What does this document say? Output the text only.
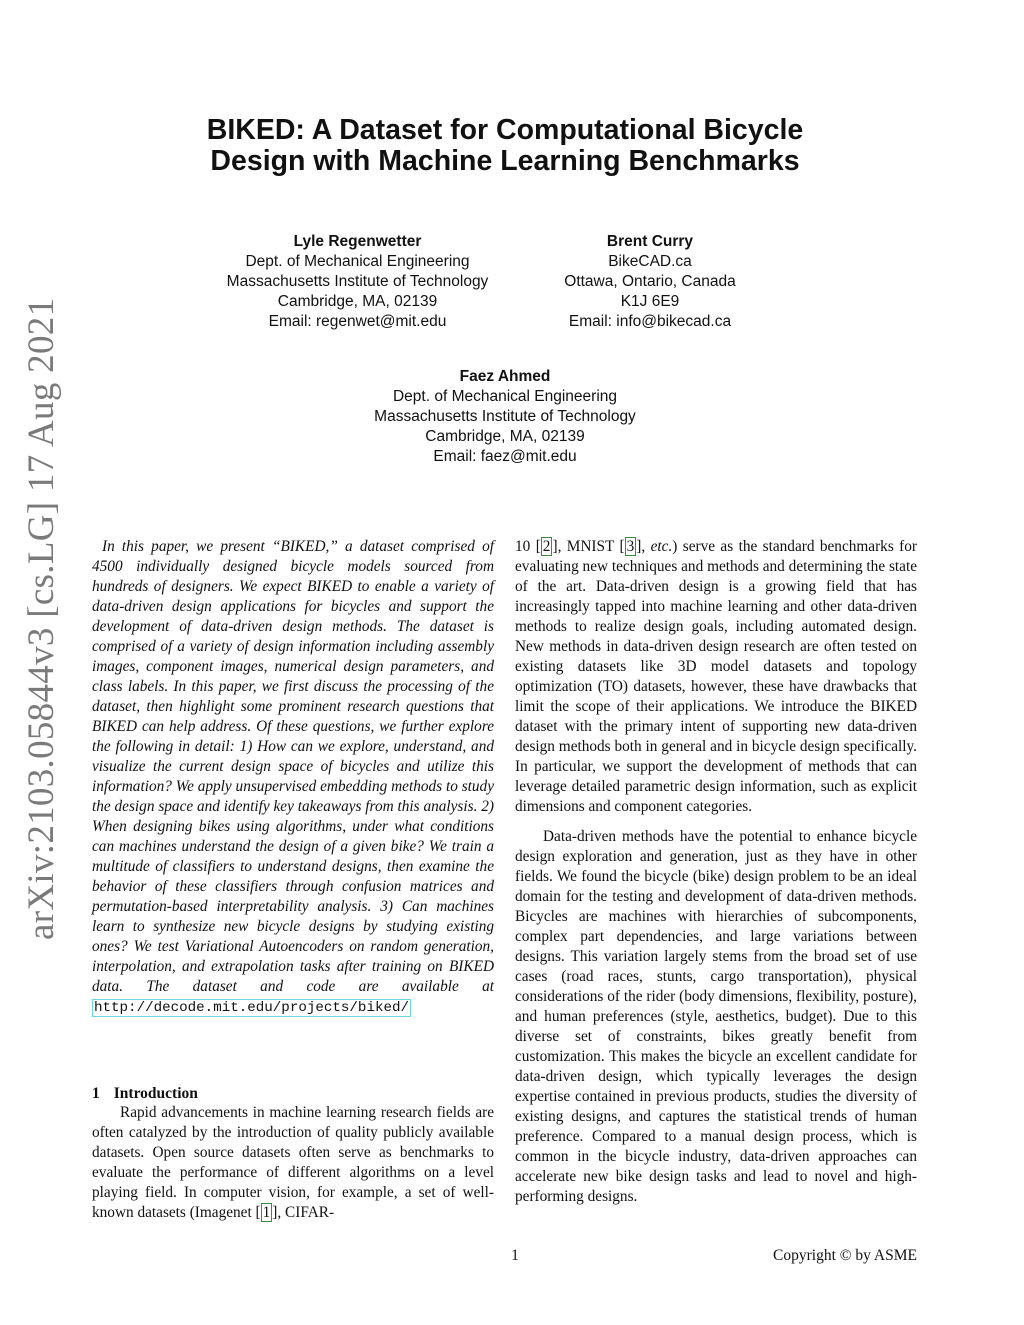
arXiv:2103.05844v3 [cs.LG] 17 Aug 2021
BIKED: A Dataset for Computational Bicycle
Design with Machine Learning Benchmarks
Lyle Regenwetter
Dept. of Mechanical Engineering
Massachusetts Institute of Technology
Cambridge, MA, 02139
Email: regenwet@mit.edu
Brent Curry
BikeCAD.ca
Ottawa, Ontario, Canada
K1J 6E9
Email: info@bikecad.ca
Faez Ahmed
Dept. of Mechanical Engineering
Massachusetts Institute of Technology
Cambridge, MA, 02139
Email: faez@mit.edu

In this paper, we present “BIKED,” a dataset comprised of 4500 individually designed bicycle models sourced from hundreds of designers. We expect BIKED to enable a variety of data-driven design applications for bicycles and support the development of data-driven design methods. The dataset is comprised of a variety of design information including assembly images, component images, numerical design parameters, and class labels. In this paper, we first discuss the processing of the dataset, then highlight some prominent research questions that BIKED can help address. Of these questions, we further explore the following in detail: 1) How can we explore, understand, and visualize the current design space of bicycles and utilize this information? We apply unsupervised embedding methods to study the design space and identify key takeaways from this analysis. 2) When designing bikes using algorithms, under what conditions can machines understand the design of a given bike? We train a multitude of classifiers to understand designs, then examine the behavior of these classifiers through confusion matrices and permutation-based interpretability analysis. 3) Can machines learn to synthesize new bicycle designs by studying existing ones? We test Variational Autoencoders on random generation, interpolation, and extrapolation tasks after training on BIKED data. The dataset and code are available at http://decode.mit.edu/projects/biked/

1 Introduction

Rapid advancements in machine learning research fields are often catalyzed by the introduction of quality publicly available datasets. Open source datasets often serve as benchmarks to evaluate the performance of different algorithms on a level playing field. In computer vision, for example, a set of well-known datasets (Imagenet [ 1 ], CIFAR-

10 [ 2 ], MNIST [ 3 ], etc.) serve as the standard benchmarks for evaluating new techniques and methods and determining the state of the art. Data-driven design is a growing field that has increasingly tapped into machine learning and other data-driven methods to realize design goals, including automated design. New methods in data-driven design research are often tested on existing datasets like 3D model datasets and topology optimization (TO) datasets, however, these have drawbacks that limit the scope of their applications. We introduce the BIKED dataset with the primary intent of supporting new data-driven design methods both in general and in bicycle design specifically. In particular, we support the development of methods that can leverage detailed parametric design information, such as explicit dimensions and component categories.

Data-driven methods have the potential to enhance bicycle design exploration and generation, just as they have in other fields. We found the bicycle (bike) design problem to be an ideal domain for the testing and development of data-driven methods. Bicycles are machines with hierarchies of subcomponents, complex part dependencies, and large variations between designs. This variation largely stems from the broad set of use cases (road races, stunts, cargo transportation), physical considerations of the rider (body dimensions, flexibility, posture), and human preferences (style, aesthetics, budget). Due to this diverse set of constraints, bikes greatly benefit from customization. This makes the bicycle an excellent candidate for data-driven design, which typically leverages the design expertise contained in previous products, studies the diversity of existing designs, and captures the statistical trends of human preference. Compared to a manual design process, which is common in the bicycle industry, data-driven approaches can accelerate new bike design tasks and lead to novel and high-performing designs.

1	Copyright © by ASME
